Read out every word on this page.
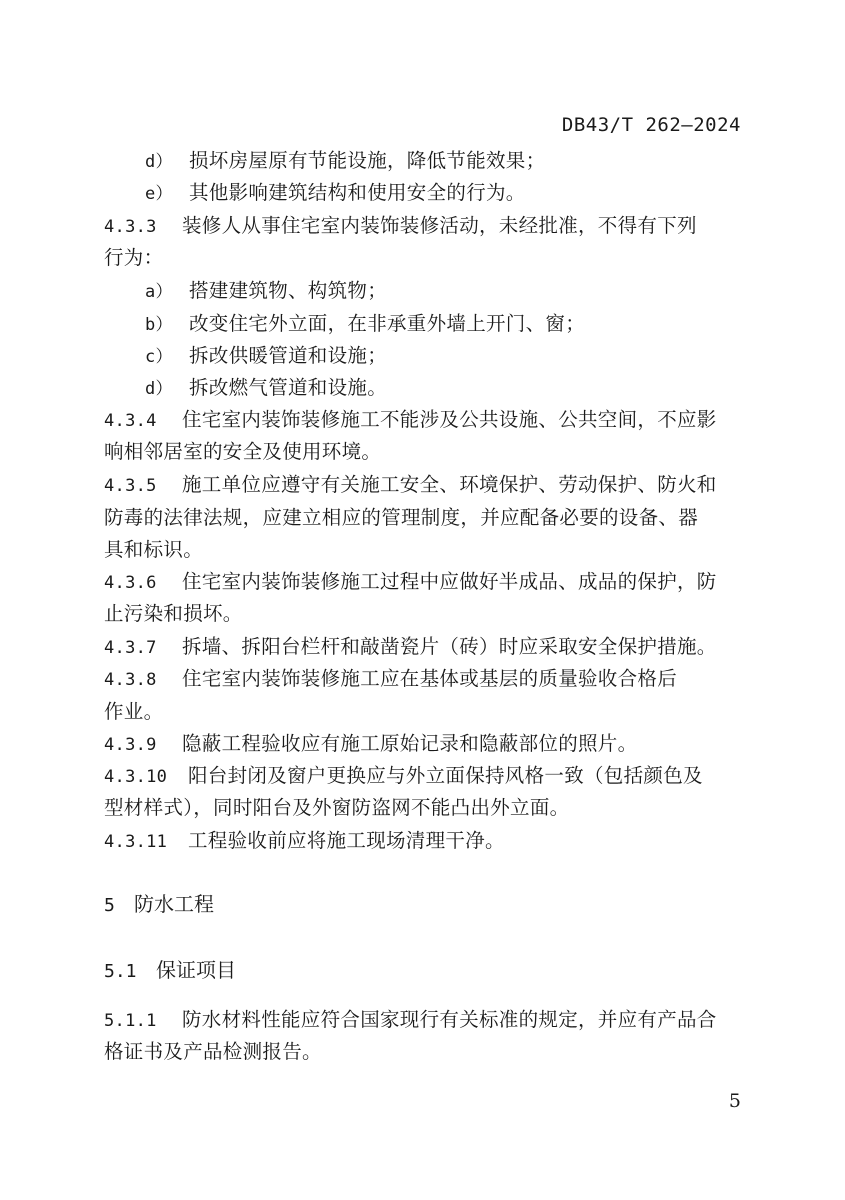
DB43/T 262—2024
d） 损坏房屋原有节能设施，降低节能效果；
e） 其他影响建筑结构和使用安全的行为。
4.3.3 装修人从事住宅室内装饰装修活动，未经批准，不得有下列
行为：
a） 搭建建筑物、构筑物；
b） 改变住宅外立面，在非承重外墙上开门、窗；
c） 拆改供暖管道和设施；
d） 拆改燃气管道和设施。
4.3.4 住宅室内装饰装修施工不能涉及公共设施、公共空间，不应影
响相邻居室的安全及使用环境。
4.3.5 施工单位应遵守有关施工安全、环境保护、劳动保护、防火和
防毒的法律法规，应建立相应的管理制度，并应配备必要的设备、器
具和标识。
4.3.6 住宅室内装饰装修施工过程中应做好半成品、成品的保护，防
止污染和损坏。
4.3.7 拆墙、拆阳台栏杆和敲凿瓷片（砖）时应采取安全保护措施。
4.3.8 住宅室内装饰装修施工应在基体或基层的质量验收合格后
作业。
4.3.9 隐蔽工程验收应有施工原始记录和隐蔽部位的照片。
4.3.10 阳台封闭及窗户更换应与外立面保持风格一致（包括颜色及
型材样式），同时阳台及外窗防盗网不能凸出外立面。
4.3.11 工程验收前应将施工现场清理干净。
5 防水工程
5.1 保证项目
5.1.1 防水材料性能应符合国家现行有关标准的规定，并应有产品合
格证书及产品检测报告。
5
